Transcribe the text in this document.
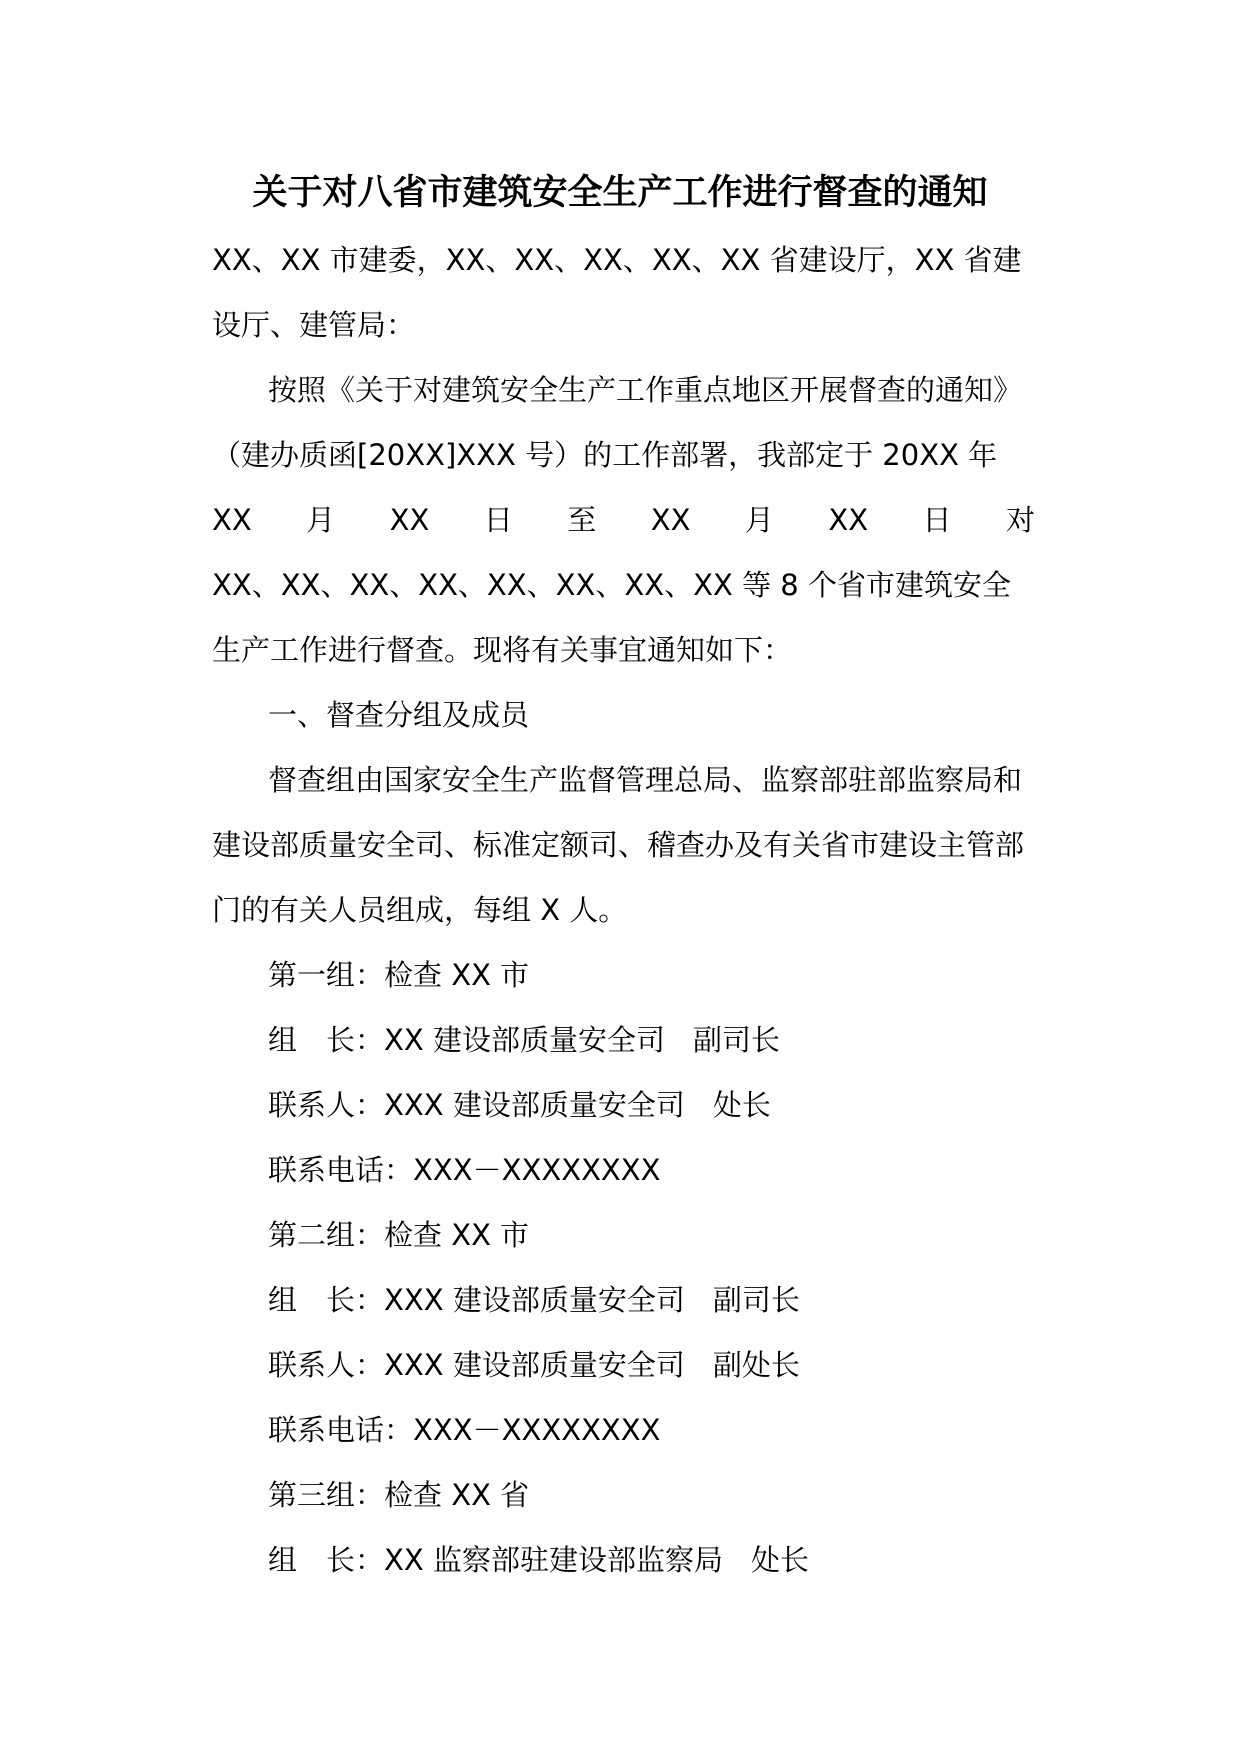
关于对八省市建筑安全生产工作进行督查的通知
XX、XX 市建委，XX、XX、XX、XX、XX 省建设厅，XX 省建
设厅、建管局：
按照《关于对建筑安全生产工作重点地区开展督查的通知》
（建办质函[20XX]XXX 号）的工作部署，我部定于 20XX 年
XX 月 XX 日 至 XX 月 XX 日 对
XX、XX、XX、XX、XX、XX、XX、XX 等 8 个省市建筑安全
生产工作进行督查。现将有关事宜通知如下：
一、督查分组及成员
督查组由国家安全生产监督管理总局、监察部驻部监察局和
建设部质量安全司、标准定额司、稽查办及有关省市建设主管部
门的有关人员组成，每组 X 人。
第一组：检查 XX 市
组　长：XX 建设部质量安全司 副司长
联系人：XXX 建设部质量安全司 处长
联系电话：XXX－XXXXXXXX
第二组：检查 XX 市
组　长：XXX 建设部质量安全司 副司长
联系人：XXX 建设部质量安全司 副处长
联系电话：XXX－XXXXXXXX
第三组：检查 XX 省
组　长：XX 监察部驻建设部监察局 处长
